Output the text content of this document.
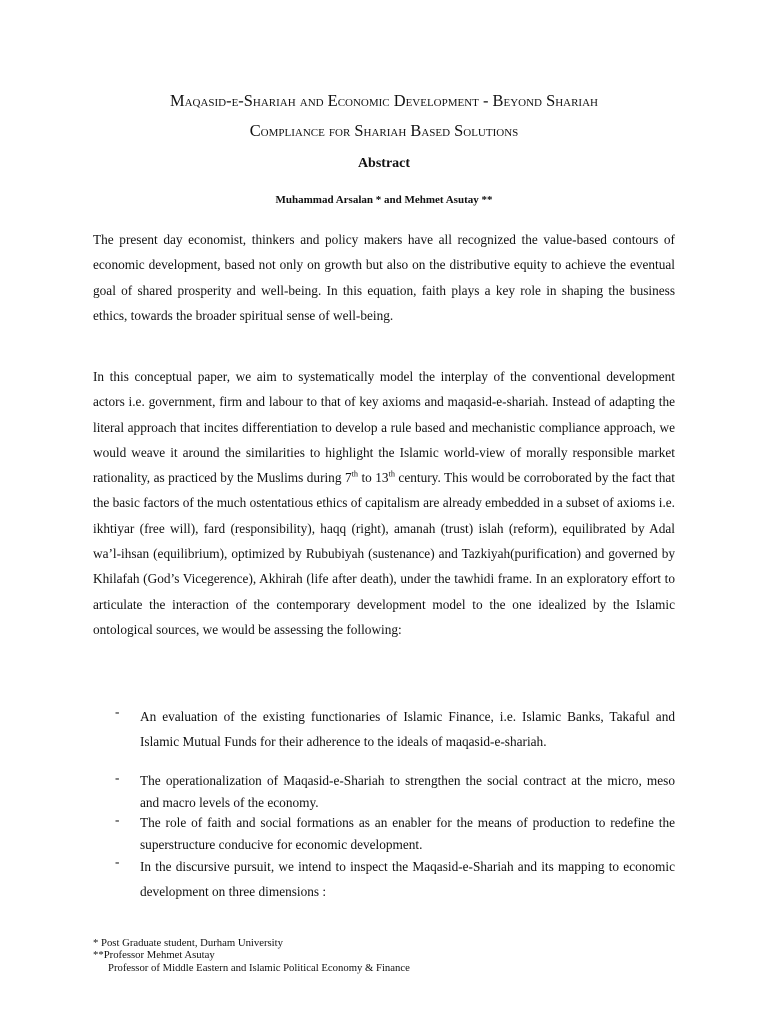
Maqasid-e-Shariah and Economic Development - Beyond Shariah
Compliance for Shariah Based Solutions
Abstract

Muhammad Arsalan * and Mehmet Asutay **

The present day economist, thinkers and policy makers have all recognized the value-based contours of economic development, based not only on growth but also on the distributive equity to achieve the eventual goal of shared prosperity and well-being. In this equation, faith plays a key role in shaping the business ethics, towards the broader spiritual sense of well-being.

In this conceptual paper, we aim to systematically model the interplay of the conventional development actors i.e. government, firm and labour to that of key axioms and maqasid-e-shariah. Instead of adapting the literal approach that incites differentiation to develop a rule based and mechanistic compliance approach, we would weave it around the similarities to highlight the Islamic world-view of morally responsible market rationality, as practiced by the Muslims during 7th to 13th century. This would be corroborated by the fact that the basic factors of the much ostentatious ethics of capitalism are already embedded in a subset of axioms i.e. ikhtiyar (free will), fard (responsibility), haqq (right), amanah (trust) islah (reform), equilibrated by Adal wa’l-ihsan (equilibrium), optimized by Rububiyah (sustenance) and Tazkiyah(purification) and governed by Khilafah (God’s Vicegerence), Akhirah (life after death), under the tawhidi frame. In an exploratory effort to articulate the interaction of the contemporary development model to the one idealized by the Islamic ontological sources, we would be assessing the following:

- An evaluation of the existing functionaries of Islamic Finance, i.e. Islamic Banks, Takaful and Islamic Mutual Funds for their adherence to the ideals of maqasid-e-shariah.
- The operationalization of Maqasid-e-Shariah to strengthen the social contract at the micro, meso and macro levels of the economy.
- The role of faith and social formations as an enabler for the means of production to redefine the superstructure conducive for economic development.
- In the discursive pursuit, we intend to inspect the Maqasid-e-Shariah and its mapping to economic development on three dimensions :
* Post Graduate student, Durham University
**Professor Mehmet Asutay
Professor of Middle Eastern and Islamic Political Economy & Finance
